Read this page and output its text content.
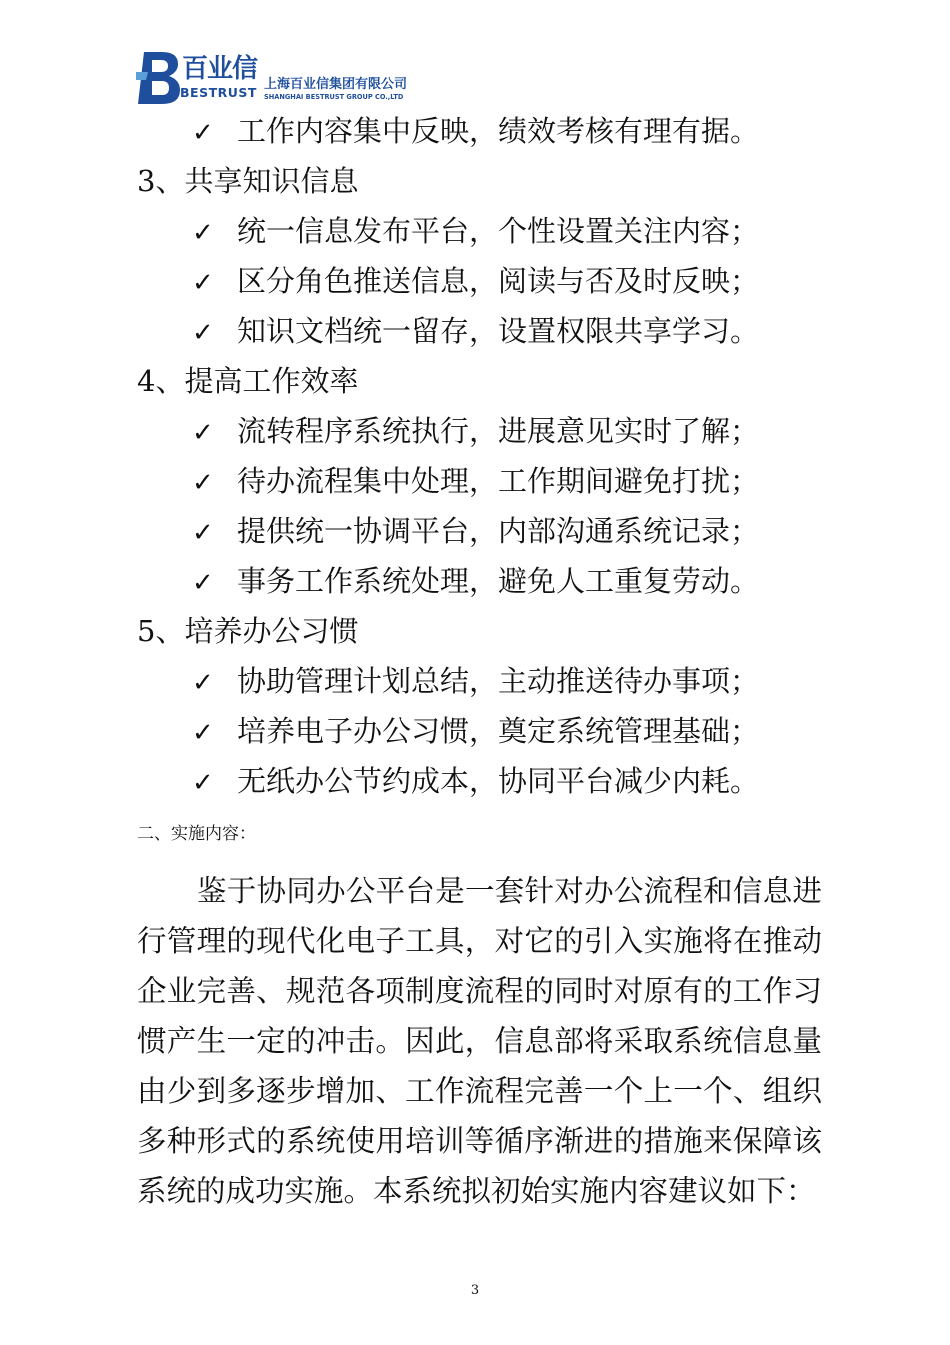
百业信
BESTRUST
上海百业信集团有限公司
SHANGHAI BESTRUST GROUP CO.,LTD
✓ 工作内容集中反映，绩效考核有理有据。
3、共享知识信息
✓ 统一信息发布平台，个性设置关注内容；
✓ 区分角色推送信息，阅读与否及时反映；
✓ 知识文档统一留存，设置权限共享学习。
4、提高工作效率
✓ 流转程序系统执行，进展意见实时了解；
✓ 待办流程集中处理，工作期间避免打扰；
✓ 提供统一协调平台，内部沟通系统记录；
✓ 事务工作系统处理，避免人工重复劳动。
5、培养办公习惯
✓ 协助管理计划总结，主动推送待办事项；
✓ 培养电子办公习惯，奠定系统管理基础；
✓ 无纸办公节约成本，协同平台减少内耗。
二、实施内容：
鉴于协同办公平台是一套针对办公流程和信息进行管理的现代化电子工具，对它的引入实施将在推动企业完善、规范各项制度流程的同时对原有的工作习惯产生一定的冲击。因此，信息部将采取系统信息量由少到多逐步增加、工作流程完善一个上一个、组织多种形式的系统使用培训等循序渐进的措施来保障该系统的成功实施。本系统拟初始实施内容建议如下：
3
